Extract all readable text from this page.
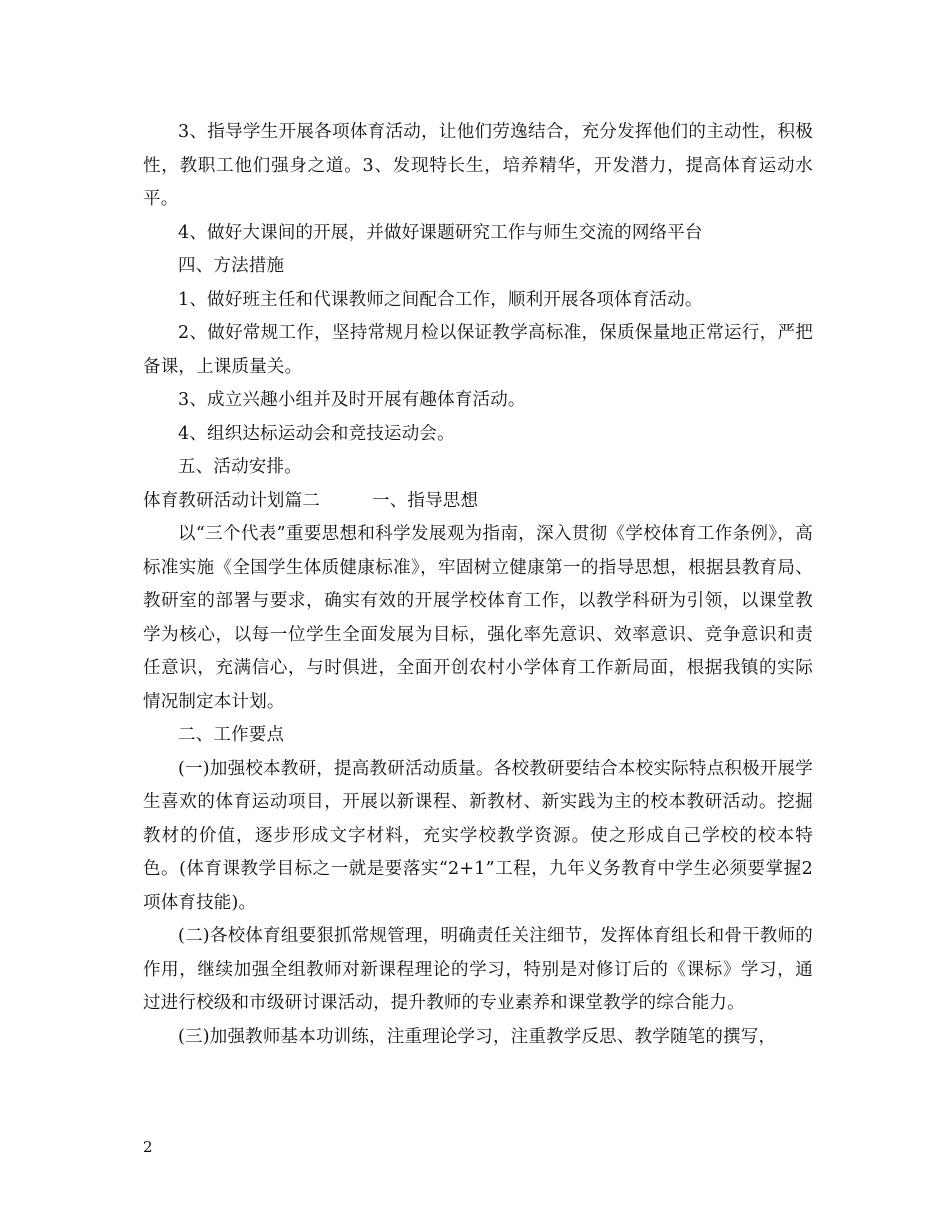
3、指导学生开展各项体育活动，让他们劳逸结合，充分发挥他们的主动性，积极性，教职工他们强身之道。3、发现特长生，培养精华，开发潜力，提高体育运动水平。

4、做好大课间的开展，并做好课题研究工作与师生交流的网络平台

四、方法措施

1、做好班主任和代课教师之间配合工作，顺利开展各项体育活动。

2、做好常规工作，坚持常规月检以保证教学高标准，保质保量地正常运行，严把备课，上课质量关。

3、成立兴趣小组并及时开展有趣体育活动。

4、组织达标运动会和竞技运动会。

五、活动安排。

体育教研活动计划篇二	一、指导思想

以“三个代表”重要思想和科学发展观为指南，深入贯彻《学校体育工作条例》，高标准实施《全国学生体质健康标准》，牢固树立健康第一的指导思想，根据县教育局、教研室的部署与要求，确实有效的开展学校体育工作，以教学科研为引领，以课堂教学为核心，以每一位学生全面发展为目标，强化率先意识、效率意识、竞争意识和责任意识，充满信心，与时俱进，全面开创农村小学体育工作新局面，根据我镇的实际情况制定本计划。

二、工作要点

(一)加强校本教研，提高教研活动质量。各校教研要结合本校实际特点积极开展学生喜欢的体育运动项目，开展以新课程、新教材、新实践为主的校本教研活动。挖掘教材的价值，逐步形成文字材料，充实学校教学资源。使之形成自己学校的校本特色。(体育课教学目标之一就是要落实“2+1”工程，九年义务教育中学生必须要掌握2项体育技能)。

(二)各校体育组要狠抓常规管理，明确责任关注细节，发挥体育组长和骨干教师的作用，继续加强全组教师对新课程理论的学习，特别是对修订后的《课标》学习，通过进行校级和市级研讨课活动，提升教师的专业素养和课堂教学的综合能力。

(三)加强教师基本功训练，注重理论学习，注重教学反思、教学随笔的撰写，

2
